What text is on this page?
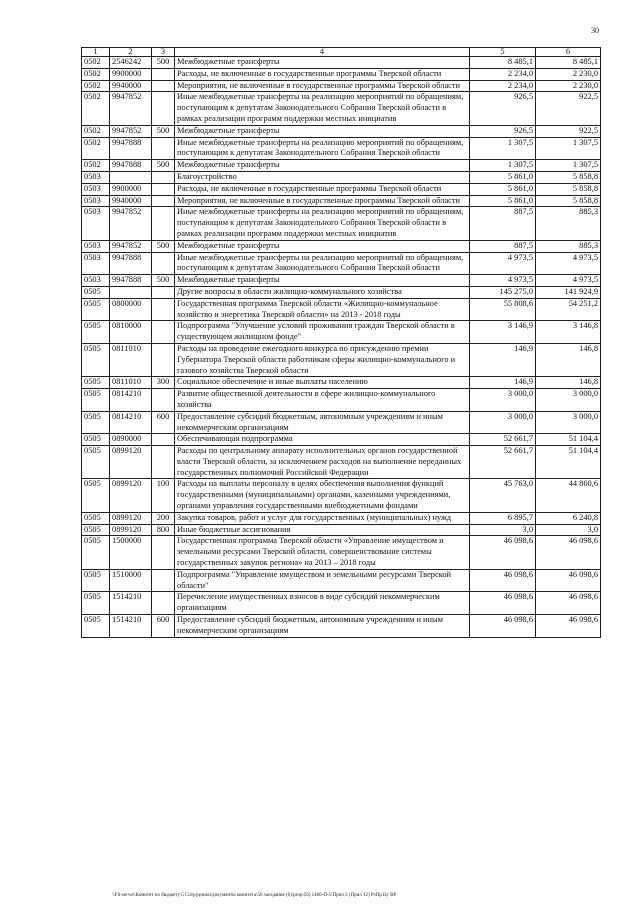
30
1	2	3	4	5	6
0502	2546242	500	Межбюджетные трансферты	8 485,1	8 485,1
0502	9900000		Расходы, не включенные в государственные программы Тверской области	2 234,0	2 230,0
0502	9940000		Мероприятия, не включенные в государственные программы Тверской области	2 234,0	2 230,0
0502	9947852		Иные межбюджетные трансферты на реализацию мероприятий по обращениям, поступающим к депутатам Законодательного Собрания Тверской области в рамках реализации программ поддержки местных инициатив	926,5	922,5
0502	9947852	500	Межбюджетные трансферты	926,5	922,5
0502	9947888		Иные межбюджетные трансферты на реализацию мероприятий по обращениям, поступающим к депутатам Законодательного Собрания Тверской области	1 307,5	1 307,5
0502	9947888	500	Межбюджетные трансферты	1 307,5	1 307,5
0503			Благоустройство	5 861,0	5 858,8
0503	9900000		Расходы, не включенные в государственные программы Тверской области	5 861,0	5 858,8
0503	9940000		Мероприятия, не включенные в государственные программы Тверской области	5 861,0	5 858,8
0503	9947852		Иные межбюджетные трансферты на реализацию мероприятий по обращениям, поступающим к депутатам Законодательного Собрания Тверской области в рамках реализации программ поддержки местных инициатив	887,5	885,3
0503	9947852	500	Межбюджетные трансферты	887,5	885,3
0503	9947888		Иные межбюджетные трансферты на реализацию мероприятий по обращениям, поступающим к депутатам Законодательного Собрания Тверской области	4 973,5	4 973,5
0503	9947888	500	Межбюджетные трансферты	4 973,5	4 973,5
0505			Другие вопросы в области жилищно-коммунального хозяйства	145 275,0	141 924,9
0505	0800000		Государственная программа Тверской области «Жилищно-коммунальное хозяйство и энергетика Тверской области» на 2013 - 2018 годы	55 808,6	54 251,2
0505	0810000		Подпрограмма "Улучшение условий проживания граждан Тверской области в существующем жилищном фонде"	3 146,9	3 146,8
0505	0811010		Расходы на проведение ежегодного конкурса по присуждению премии Губернатора Тверской области работникам сферы жилищно-коммунального и газового хозяйства Тверской области	146,9	146,8
0505	0811010	300	Социальное обеспечение и иные выплаты населению	146,9	146,8
0505	0814210		Развитие общественной деятельности в сфере жилищно-коммунального хозяйства	3 000,0	3 000,0
0505	0814210	600	Предоставление субсидий бюджетным, автономным учреждениям и иным некоммерческим организациям	3 000,0	3 000,0
0505	0890000		Обеспечивающая подпрограмма	52 661,7	51 104,4
0505	0899120		Расходы по центральному аппарату исполнительных органов государственной власти Тверской области, за исключением расходов на выполнение переданных государственных полномочий Российской Федерации	52 661,7	51 104,4
0505	0899120	100	Расходы на выплаты персоналу в целях обеспечения выполнения функций государственными (муниципальными) органами, казенными учреждениями, органами управления государственными внебюджетными фондами	45 763,0	44 860,6
0505	0899120	200	Закупка товаров, работ и услуг для государственных (муниципальных) нужд	6 895,7	6 240,8
0505	0899120	800	Иные бюджетные ассигнования	3,0	3,0
0505	1500000		Государственная программа Тверской области «Управление имуществом и земельными ресурсами Тверской области, совершенствование системы государственных закупок региона» на 2013 – 2018 годы	46 098,6	46 098,6
0505	1510000		Подпрограмма "Управление имуществом и земельными ресурсами Тверской области"	46 098,6	46 098,6
0505	1514210		Перечисление имущественных взносов в виде субсидий некоммерческим организациям	46 098,6	46 098,6
0505	1514210	600	Предоставление субсидий бюджетным, автономным учреждениям и иным некоммерческим организациям	46 098,6	46 098,6
\\Fil-server\Комитет по бюджету\5 Сотрудники\документы комитета\56 заседание (6)\prop\56) 1406-П-5\Прил 3 (Прил 12) РзПр Цс ВР
